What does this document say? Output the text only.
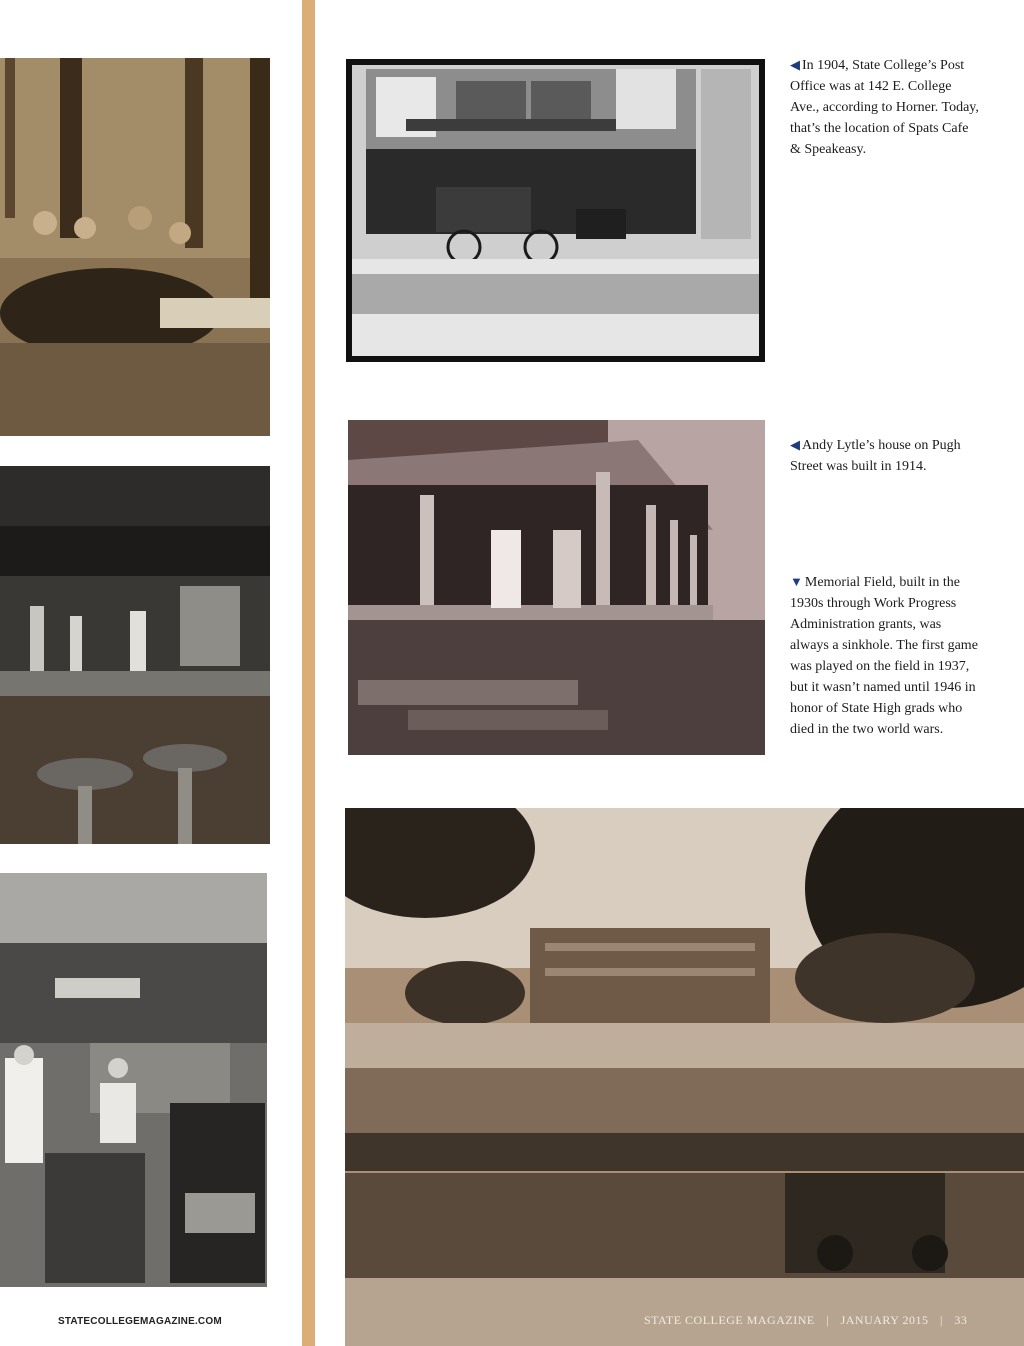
◀ In 1904, State College’s Post Office was at 142 E. College Ave., according to Horner. Today, that’s the location of Spats Cafe & Speakeasy.
◀ Andy Lytle’s house on Pugh Street was built in 1914.
▼ Memorial Field, built in the 1930s through Work Progress Administration grants, was always a sinkhole. The first game was played on the field in 1937, but it wasn’t named until 1946 in honor of State High grads who died in the two world wars.
STATECOLLEGEMAGAZINE.COM	STATE COLLEGE MAGAZINE | JANUARY 2015 | 33
